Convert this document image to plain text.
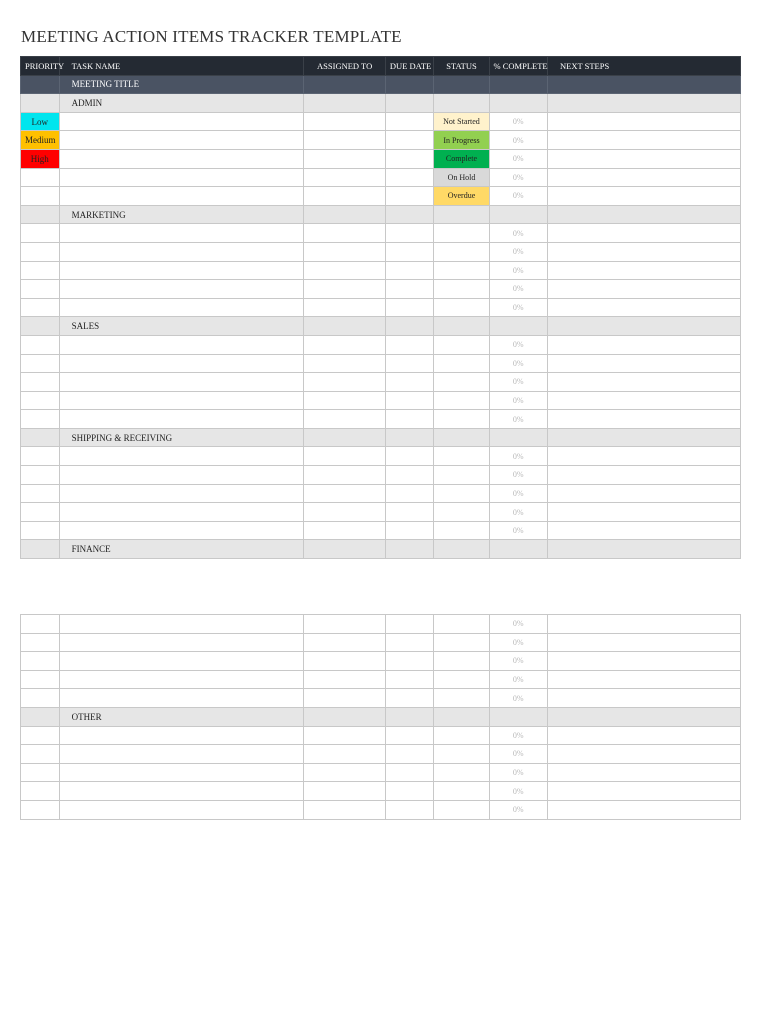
MEETING ACTION ITEMS TRACKER TEMPLATE
PRIORITY	TASK NAME	ASSIGNED TO	DUE DATE	STATUS	% COMPLETE	NEXT STEPS
	MEETING TITLE					
	ADMIN					
Low				Not Started	0%	
Medium				In Progress	0%	
High				Complete	0%	
				On Hold	0%	
				Overdue	0%	
	MARKETING					
					0%	
					0%	
					0%	
					0%	
					0%	
	SALES					
					0%	
					0%	
					0%	
					0%	
					0%	
	SHIPPING & RECEIVING					
					0%	
					0%	
					0%	
					0%	
					0%	
	FINANCE					
					0%	
					0%	
					0%	
					0%	
					0%	
	OTHER					
					0%	
					0%	
					0%	
					0%	
					0%	
